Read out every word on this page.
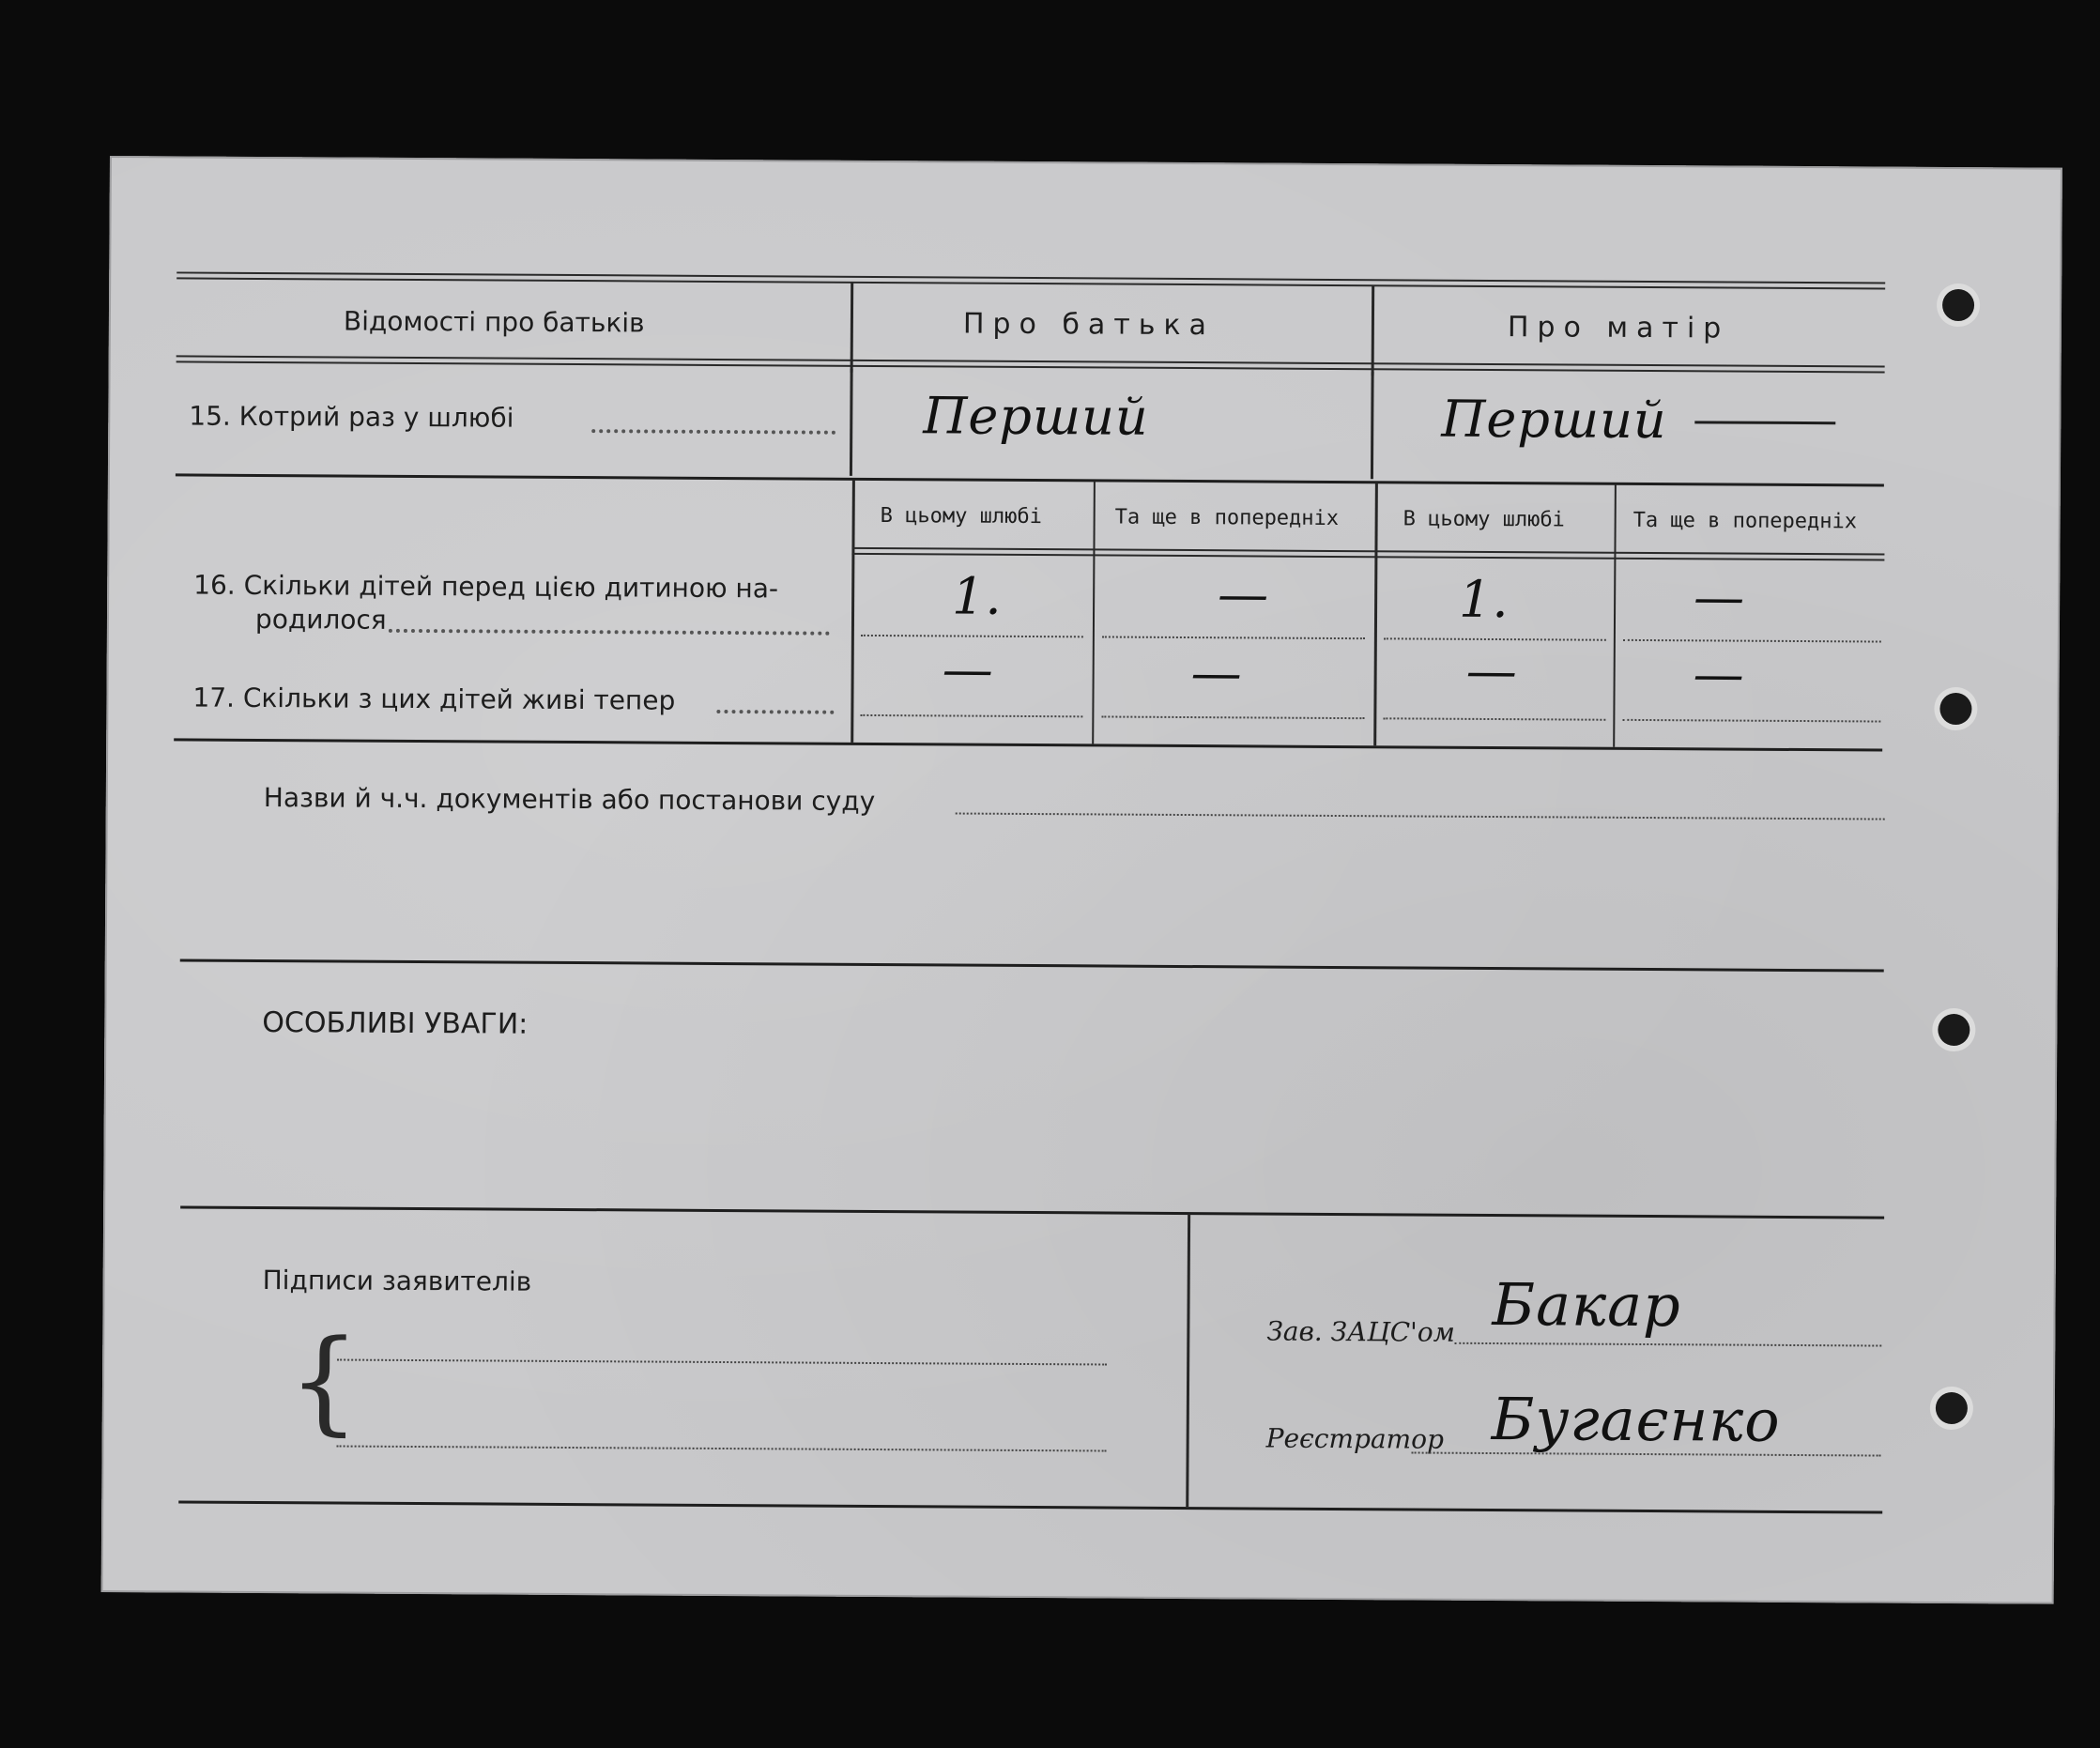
Відомості про батьків	Про батька	Про матір
15. Котрий раз у шлюбі	Перший	Перший
В цьому шлюбі	Та ще в попередніх	В цьому шлюбі	Та ще в попередніх
16. Скільки дітей перед цією дитиною на-
родилося	1.	—	1.	—
17. Скільки з цих дітей живі тепер	—	—	—	—
Назви й ч.ч. документів або постанови суду
ОСОБЛИВІ УВАГИ:
Підписи заявителів
{	Зав. ЗАЦС'ом Бакар
Реєстратор Бугаєнко
